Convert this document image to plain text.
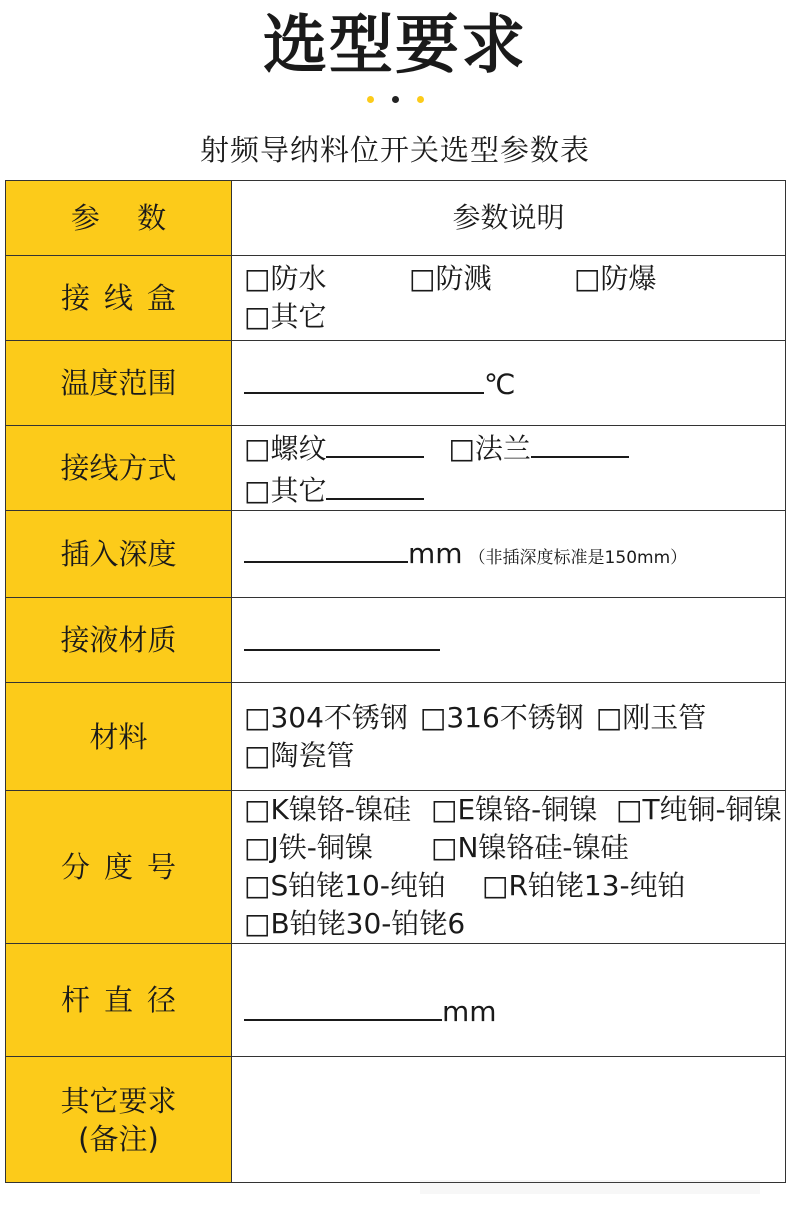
选型要求
射频导纳料位开关选型参数表
参 数	参数说明
接线盒	□防水 □防溅 □防爆
□其它

温度范围	℃
接线方式	□螺纹 □法兰
□其它

插入深度	mm （非插深度标准是150mm）
接液材质	
材料	□304不锈钢 □316不锈钢 □刚玉管
□陶瓷管

分度号	□K镍铬-镍硅 □E镍铬-铜镍 □T纯铜-铜镍
□J铁-铜镍 □N镍铬硅-镍硅
□S铂铑10-纯铂 □R铂铑13-纯铂
□B铂铑30-铂铑6

杆直径	mm

其它要求
(备注)	
